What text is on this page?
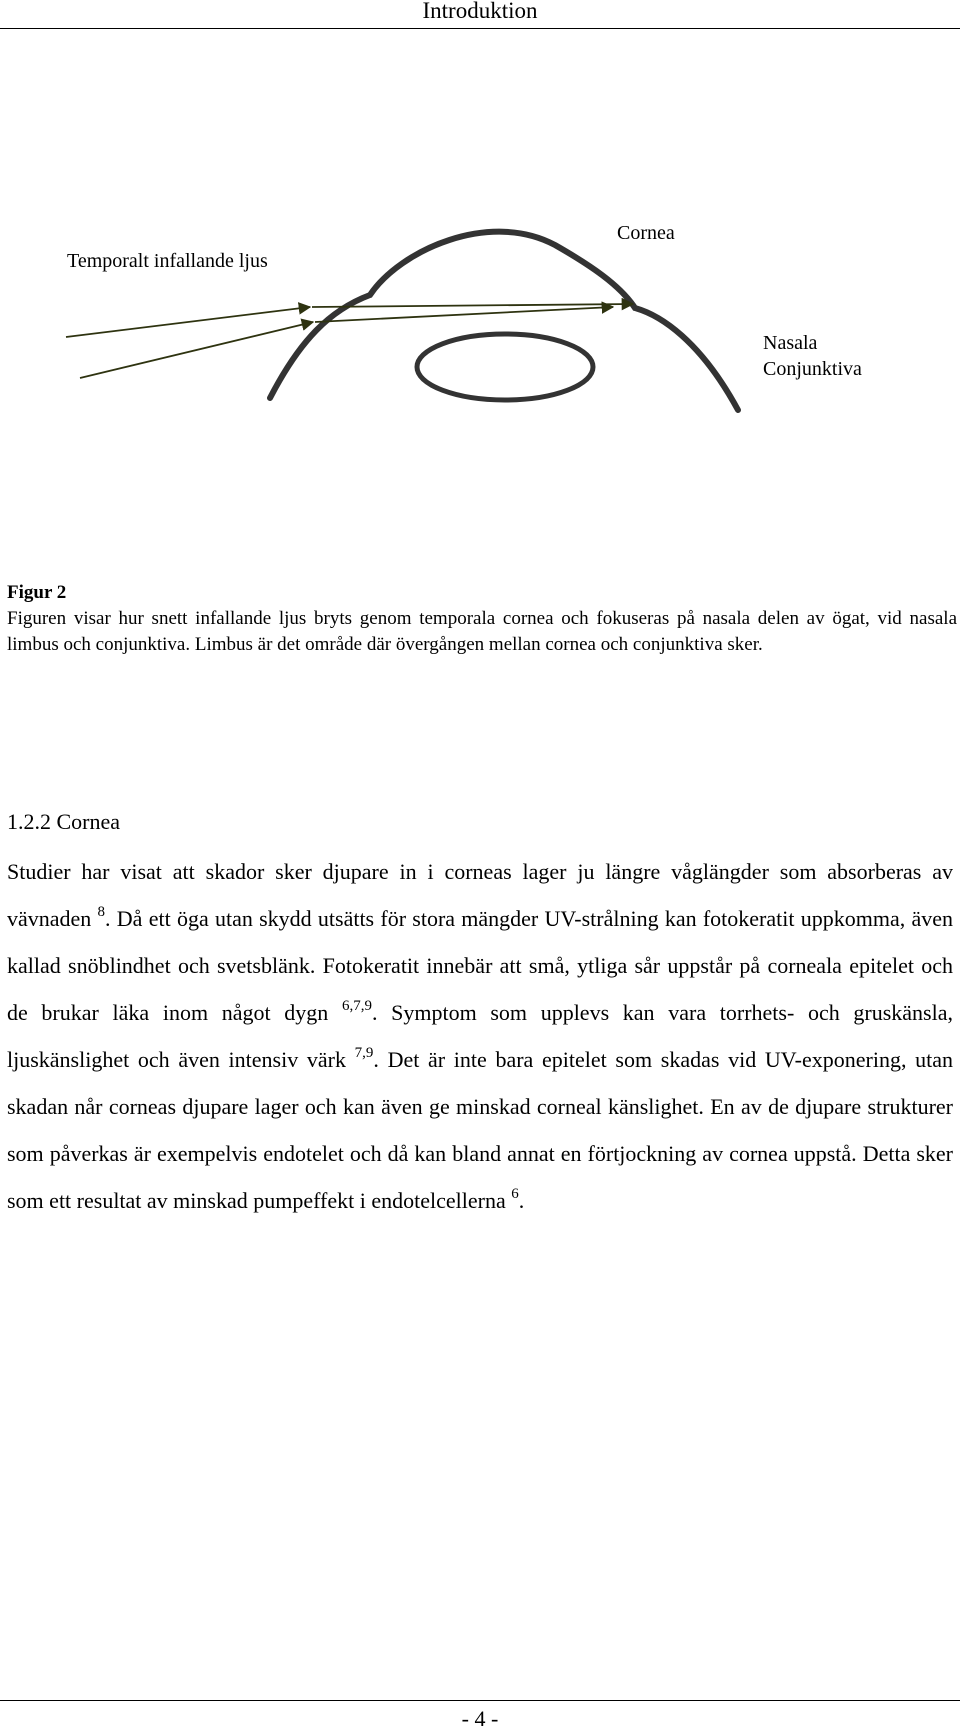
Introduktion
Temporalt infallande ljus
Cornea
Nasala
Conjunktiva
Figur 2
Figuren visar hur snett infallande ljus bryts genom temporala cornea och fokuseras på nasala delen av ögat, vid nasala limbus och conjunktiva. Limbus är det område där övergången mellan cornea och conjunktiva sker.
1.2.2 Cornea
Studier har visat att skador sker djupare in i corneas lager ju längre våglängder som absorberas av vävnaden $^8$. Då ett öga utan skydd utsätts för stora mängder UV-strålning kan fotokeratit uppkomma, även kallad snöblindhet och svetsblänk. Fotokeratit innebär att små, ytliga sår uppstår på corneala epitelet och de brukar läka inom något dygn $^{6,7,9}$. Symptom som upplevs kan vara torrhets- och gruskänsla, ljuskänslighet och även intensiv värk $^{7,9}$. Det är inte bara epitelet som skadas vid UV-exponering, utan skadan når corneas djupare lager och kan även ge minskad corneal känslighet. En av de djupare strukturer som påverkas är exempelvis endotelet och då kan bland annat en förtjockning av cornea uppstå. Detta sker som ett resultat av minskad pumpeffekt i endotelcellerna $^6$.
- 4 -
